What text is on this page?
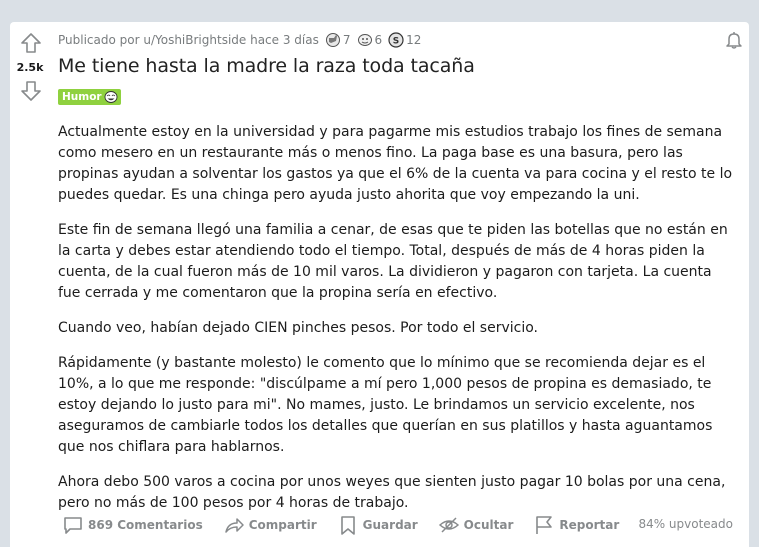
2.5k
Publicado por u/YoshiBrightside hace 3 días 7 6 S 12
Me tiene hasta la madre la raza toda tacaña
Humor

Actualmente estoy en la universidad y para pagarme mis estudios trabajo los fines de semana como mesero en un restaurante más o menos fino. La paga base es una basura, pero las propinas ayudan a solventar los gastos ya que el 6% de la cuenta va para cocina y el resto te lo puedes quedar. Es una chinga pero ayuda justo ahorita que voy empezando la uni.

Este fin de semana llegó una familia a cenar, de esas que te piden las botellas que no están en la carta y debes estar atendiendo todo el tiempo. Total, después de más de 4 horas piden la cuenta, de la cual fueron más de 10 mil varos. La dividieron y pagaron con tarjeta. La cuenta fue cerrada y me comentaron que la propina sería en efectivo.

Cuando veo, habían dejado CIEN pinches pesos. Por todo el servicio.

Rápidamente (y bastante molesto) le comento que lo mínimo que se recomienda dejar es el 10%, a lo que me responde: "discúlpame a mí pero 1,000 pesos de propina es demasiado, te estoy dejando lo justo para mi". No mames, justo. Le brindamos un servicio excelente, nos aseguramos de cambiarle todos los detalles que querían en sus platillos y hasta aguantamos que nos chiflara para hablarnos.

Ahora debo 500 varos a cocina por unos weyes que sienten justo pagar 10 bolas por una cena, pero no más de 100 pesos por 4 horas de trabajo.

869 Comentarios	Compartir	Guardar	Ocultar	Reportar 84% upvoteado
